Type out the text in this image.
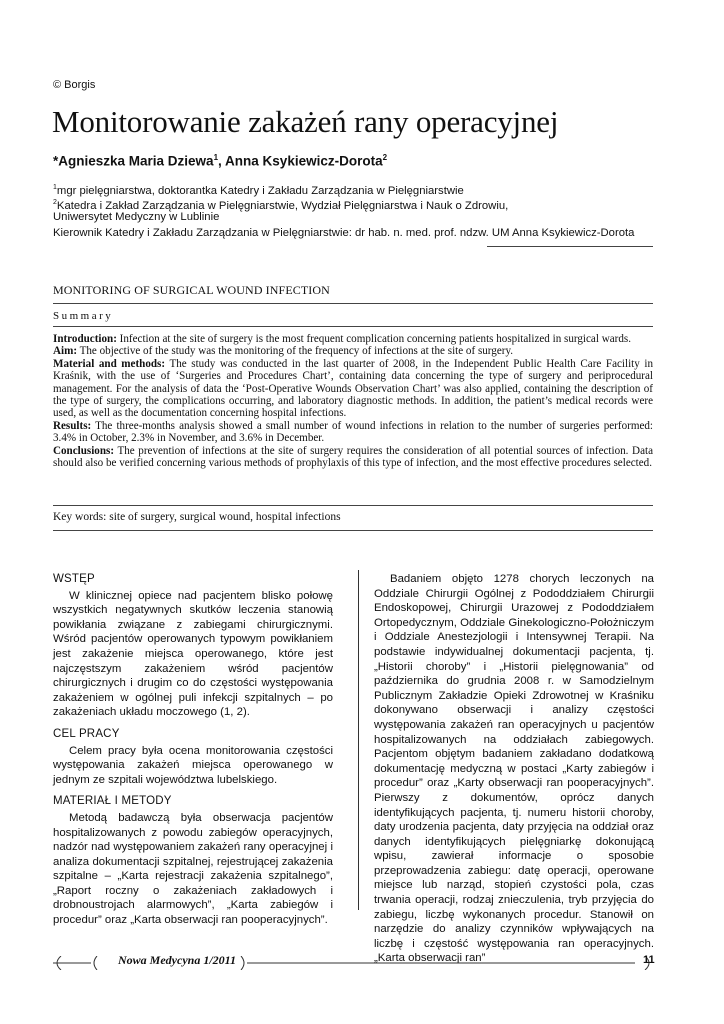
© Borgis
Monitorowanie zakażeń rany operacyjnej
*Agnieszka Maria Dziewa$^1$, Anna Ksykiewicz-Dorota$^2$
$^1$mgr pielęgniarstwa, doktorantka Katedry i Zakładu Zarządzania w Pielęgniarstwie
$^2$Katedra i Zakład Zarządzania w Pielęgniarstwie, Wydział Pielęgniarstwa i Nauk o Zdrowiu,
Uniwersytet Medyczny w Lublinie
Kierownik Katedry i Zakładu Zarządzania w Pielęgniarstwie: dr hab. n. med. prof. ndzw. UM Anna Ksykiewicz-Dorota
MONITORING OF SURGICAL WOUND INFECTION
Summary

Introduction: Infection at the site of surgery is the most frequent complication concerning patients hospitalized in surgical wards.

Aim: The objective of the study was the monitoring of the frequency of infections at the site of surgery.

Material and methods: The study was conducted in the last quarter of 2008, in the Independent Public Health Care Facility in Kraśnik, with the use of ‘Surgeries and Procedures Chart’, containing data concerning the type of surgery and periprocedural management. For the analysis of data the ‘Post-Operative Wounds Observation Chart’ was also applied, containing the description of the type of surgery, the complications occurring, and laboratory diagnostic methods. In addition, the patient’s medical records were used, as well as the documentation concerning hospital infections.

Results: The three-months analysis showed a small number of wound infections in relation to the number of surgeries performed: 3.4% in October, 2.3% in November, and 3.6% in December.

Conclusions: The prevention of infections at the site of surgery requires the consideration of all potential sources of infection. Data should also be verified concerning various methods of prophylaxis of this type of infection, and the most effective procedures selected.

Key words: site of surgery, surgical wound, hospital infections
WSTĘP

W klinicznej opiece nad pacjentem blisko połowę wszystkich negatywnych skutków leczenia stanowią powikłania związane z zabiegami chirurgicznymi. Wśród pacjentów operowanych typowym powikłaniem jest zakażenie miejsca operowanego, które jest najczęstszym zakażeniem wśród pacjentów chirurgicznych i drugim co do częstości występowania zakażeniem w ogólnej puli infekcji szpitalnych – po zakażeniach układu moczowego (1, 2).

CEL PRACY

Celem pracy była ocena monitorowania częstości występowania zakażeń miejsca operowanego w jednym ze szpitali województwa lubelskiego.

MATERIAŁ I METODY

Metodą badawczą była obserwacja pacjentów hospitalizowanych z powodu zabiegów operacyjnych, nadzór nad występowaniem zakażeń rany operacyjnej i analiza dokumentacji szpitalnej, rejestrującej zakażenia szpitalne – „Karta rejestracji zakażenia szpitalnego”, „Raport roczny o zakażeniach zakładowych i drobnoustrojach alarmowych”, „Karta zabiegów i procedur” oraz „Karta obserwacji ran pooperacyjnych”.

Badaniem objęto 1278 chorych leczonych na Oddziale Chirurgii Ogólnej z Pododdziałem Chirurgii Endoskopowej, Chirurgii Urazowej z Pododdziałem Ortopedycznym, Oddziale Ginekologiczno-Położniczym i Oddziale Anestezjologii i Intensywnej Terapii. Na podstawie indywidualnej dokumentacji pacjenta, tj. „Historii choroby” i „Historii pielęgnowania” od października do grudnia 2008 r. w Samodzielnym Publicznym Zakładzie Opieki Zdrowotnej w Kraśniku dokonywano obserwacji i analizy częstości występowania zakażeń ran operacyjnych u pacjentów hospitalizowanych na oddziałach zabiegowych. Pacjentom objętym badaniem zakładano dodatkową dokumentację medyczną w postaci „Karty zabiegów i procedur” oraz „Karty obserwacji ran pooperacyjnych”. Pierwszy z dokumentów, oprócz danych identyfikujących pacjenta, tj. numeru historii choroby, daty urodzenia pacjenta, daty przyjęcia na oddział oraz danych identyfikujących pielęgniarkę dokonującą wpisu, zawierał informacje o sposobie przeprowadzenia zabiegu: datę operacji, operowane miejsce lub narząd, stopień czystości pola, czas trwania operacji, rodzaj znieczulenia, tryb przyjęcia do zabiegu, liczbę wykonanych procedur. Stanowił on narzędzie do analizy czynników wpływających na liczbę i częstość występowania ran operacyjnych. „Karta obserwacji ran”

Nowa Medycyna 1/2011	11
